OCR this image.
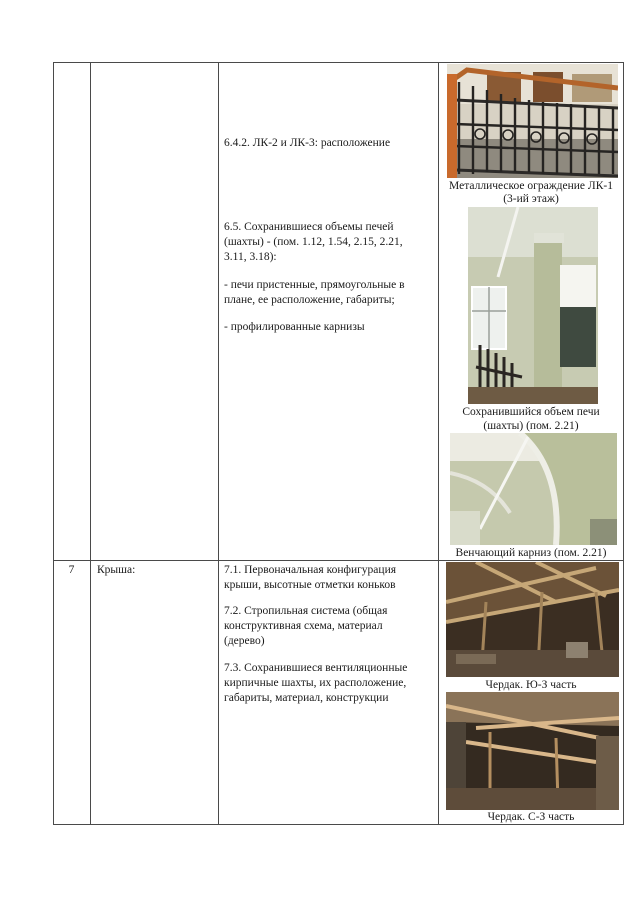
6.4.2. ЛК-2 и ЛК-3: расположение
6.5. Сохранившиеся объемы печей
(шахты) - (пом. 1.12, 1.54, 2.15, 2.21,
3.11, 3.18):
- печи пристенные, прямоугольные в
плане, ее расположение, габариты;
- профилированные карнизы
Металлическое ограждение ЛК-1
(3-ий этаж)
Сохранившийся объем печи
(шахты) (пом. 2.21)
Венчающий карниз (пом. 2.21)
7	Крыша:	7.1. Первоначальная конфигурация
крыши, высотные отметки коньков
7.2. Стропильная система (общая
конструктивная схема, материал
(дерево)
7.3. Сохранившиеся вентиляционные
кирпичные шахты, их расположение,
габариты, материал, конструкции
Чердак. Ю-З часть
Чердак. С-З часть
